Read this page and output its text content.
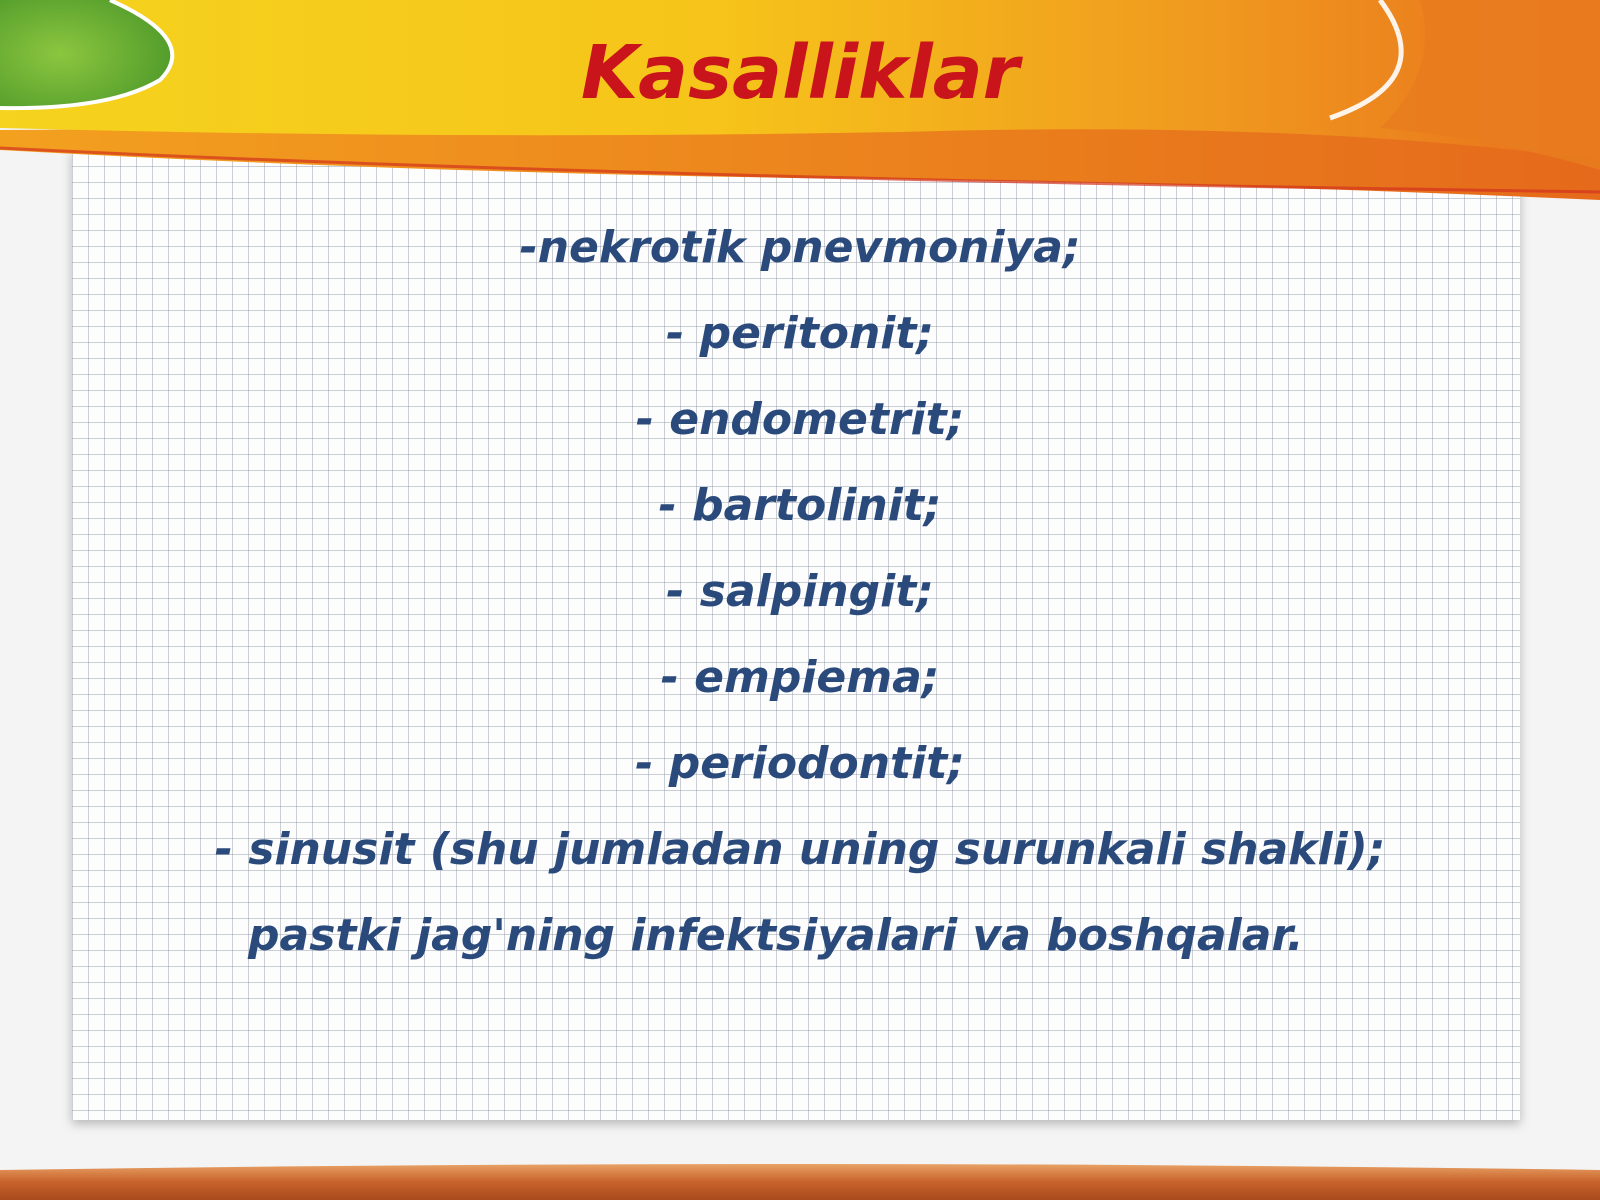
Kasalliklar
-nekrotik pnevmoniya;
- peritonit;
- endometrit;
- bartolinit;
- salpingit;
- empiema;
- periodontit;
- sinusit (shu jumladan uning surunkali shakli);
pastki jag'ning infektsiyalari va boshqalar.
